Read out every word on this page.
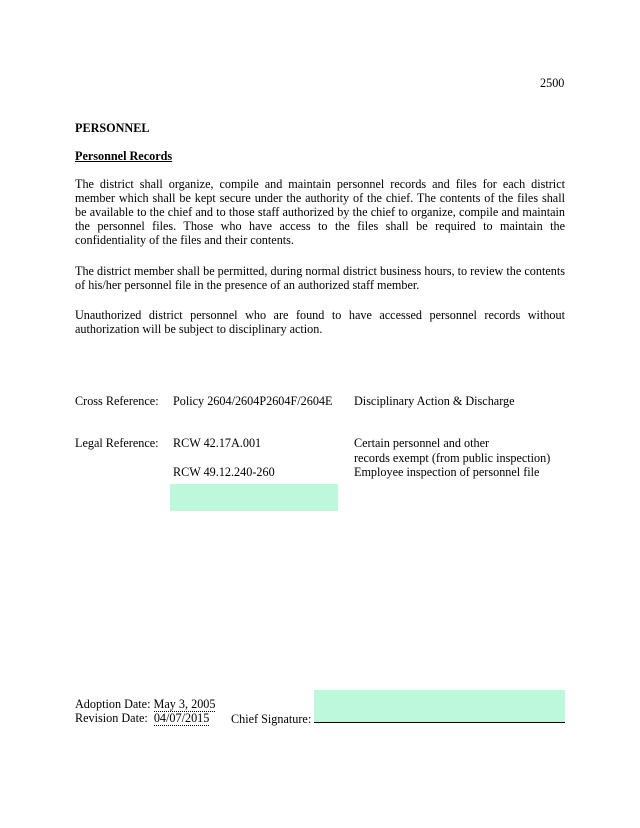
2500
PERSONNEL
Personnel Records
The district shall organize, compile and maintain personnel records and files for each district member which shall be kept secure under the authority of the chief. The contents of the files shall be available to the chief and to those staff authorized by the chief to organize, compile and maintain the personnel files. Those who have access to the files shall be required to maintain the confidentiality of the files and their contents.
The district member shall be permitted, during normal district business hours, to review the contents of his/her personnel file in the presence of an authorized staff member.
Unauthorized district personnel who are found to have accessed personnel records without authorization will be subject to disciplinary action.
Cross Reference: Policy 2604/2604P2604F/2604E Disciplinary Action & Discharge
Legal Reference: RCW 42.17A.001	Certain personnel and other
records exempt (from public inspection)
RCW 49.12.240-260	Employee inspection of personnel file
Adoption Date: May 3, 2005
Revision Date: 04/07/2015 Chief Signature:
